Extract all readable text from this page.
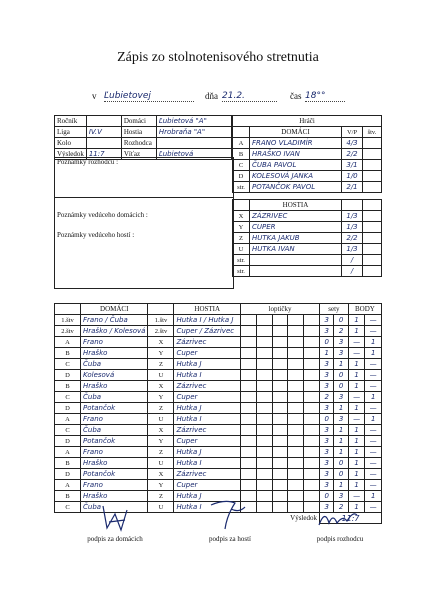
Zápis zo stolnotenisového stretnutia
v Ľubietovej	dňa 21.2.	čas 18°°
Ročník		Domáci	Ľubietová "A"
Liga	IV.V	Hostia	Hrobraňa "A"
Kolo		Rozhodca	
Výsledok	11:7	Víťaz	Ľubietová
Poznámky rozhodcu :
Poznámky vedúceho domácich :
Poznámky vedúceho hostí :
Hráči			
	DOMÁCI	V/P	štv.
A	FRANO VLADIMÍR	4/3	
B	HRAŠKO IVAN	2/2	
C	ČUBA PAVOL	3/1	
D	KOLESOVÁ JANKA	1/0	
str.	POTANČOK PAVOL	2/1	

	HOSTIA		
X	ZÁZRIVEC	1/3	
Y	CUPER	1/3	
Z	HUTKA JAKUB	2/2	
U	HUTKA IVAN	1/3	
str.		/	
str.		/	
	DOMÁCI		HOSTIA	loptičky					sety		BODY	
1.štv	Frano / Čuba	1.štv	Hutka I / Hutka J						3	0	1	—
2.štv	Hraško / Kolesová	2.štv	Cuper / Zázrivec						3	2	1	—
A	Frano	X	Zázrivec						0	3	—	1
B	Hraško	Y	Cuper						1	3	—	1
C	Čuba	Z	Hutka J						3	1	1	—
D	Kolesová	U	Hutka I						3	0	1	—
B	Hraško	X	Zázrivec						3	0	1	—
C	Čuba	Y	Cuper						2	3	—	1
D	Potančok	Z	Hutka J						3	1	1	—
A	Frano	U	Hutka I						0	3	—	1
C	Čuba	X	Zázrivec						3	1	1	—
D	Potančok	Y	Cuper						3	1	1	—
A	Frano	Z	Hutka J						3	1	1	—
B	Hraško	U	Hutka I						3	0	1	—
D	Potančok	X	Zázrivec						3	0	1	—
A	Frano	Y	Cuper						3	1	1	—
B	Hraško	Z	Hutka J						0	3	—	1
C	Čuba	U	Hutka I						3	2	1	—
Výsledok									11:7			
podpis za domácich	podpis za hostí	podpis rozhodcu
